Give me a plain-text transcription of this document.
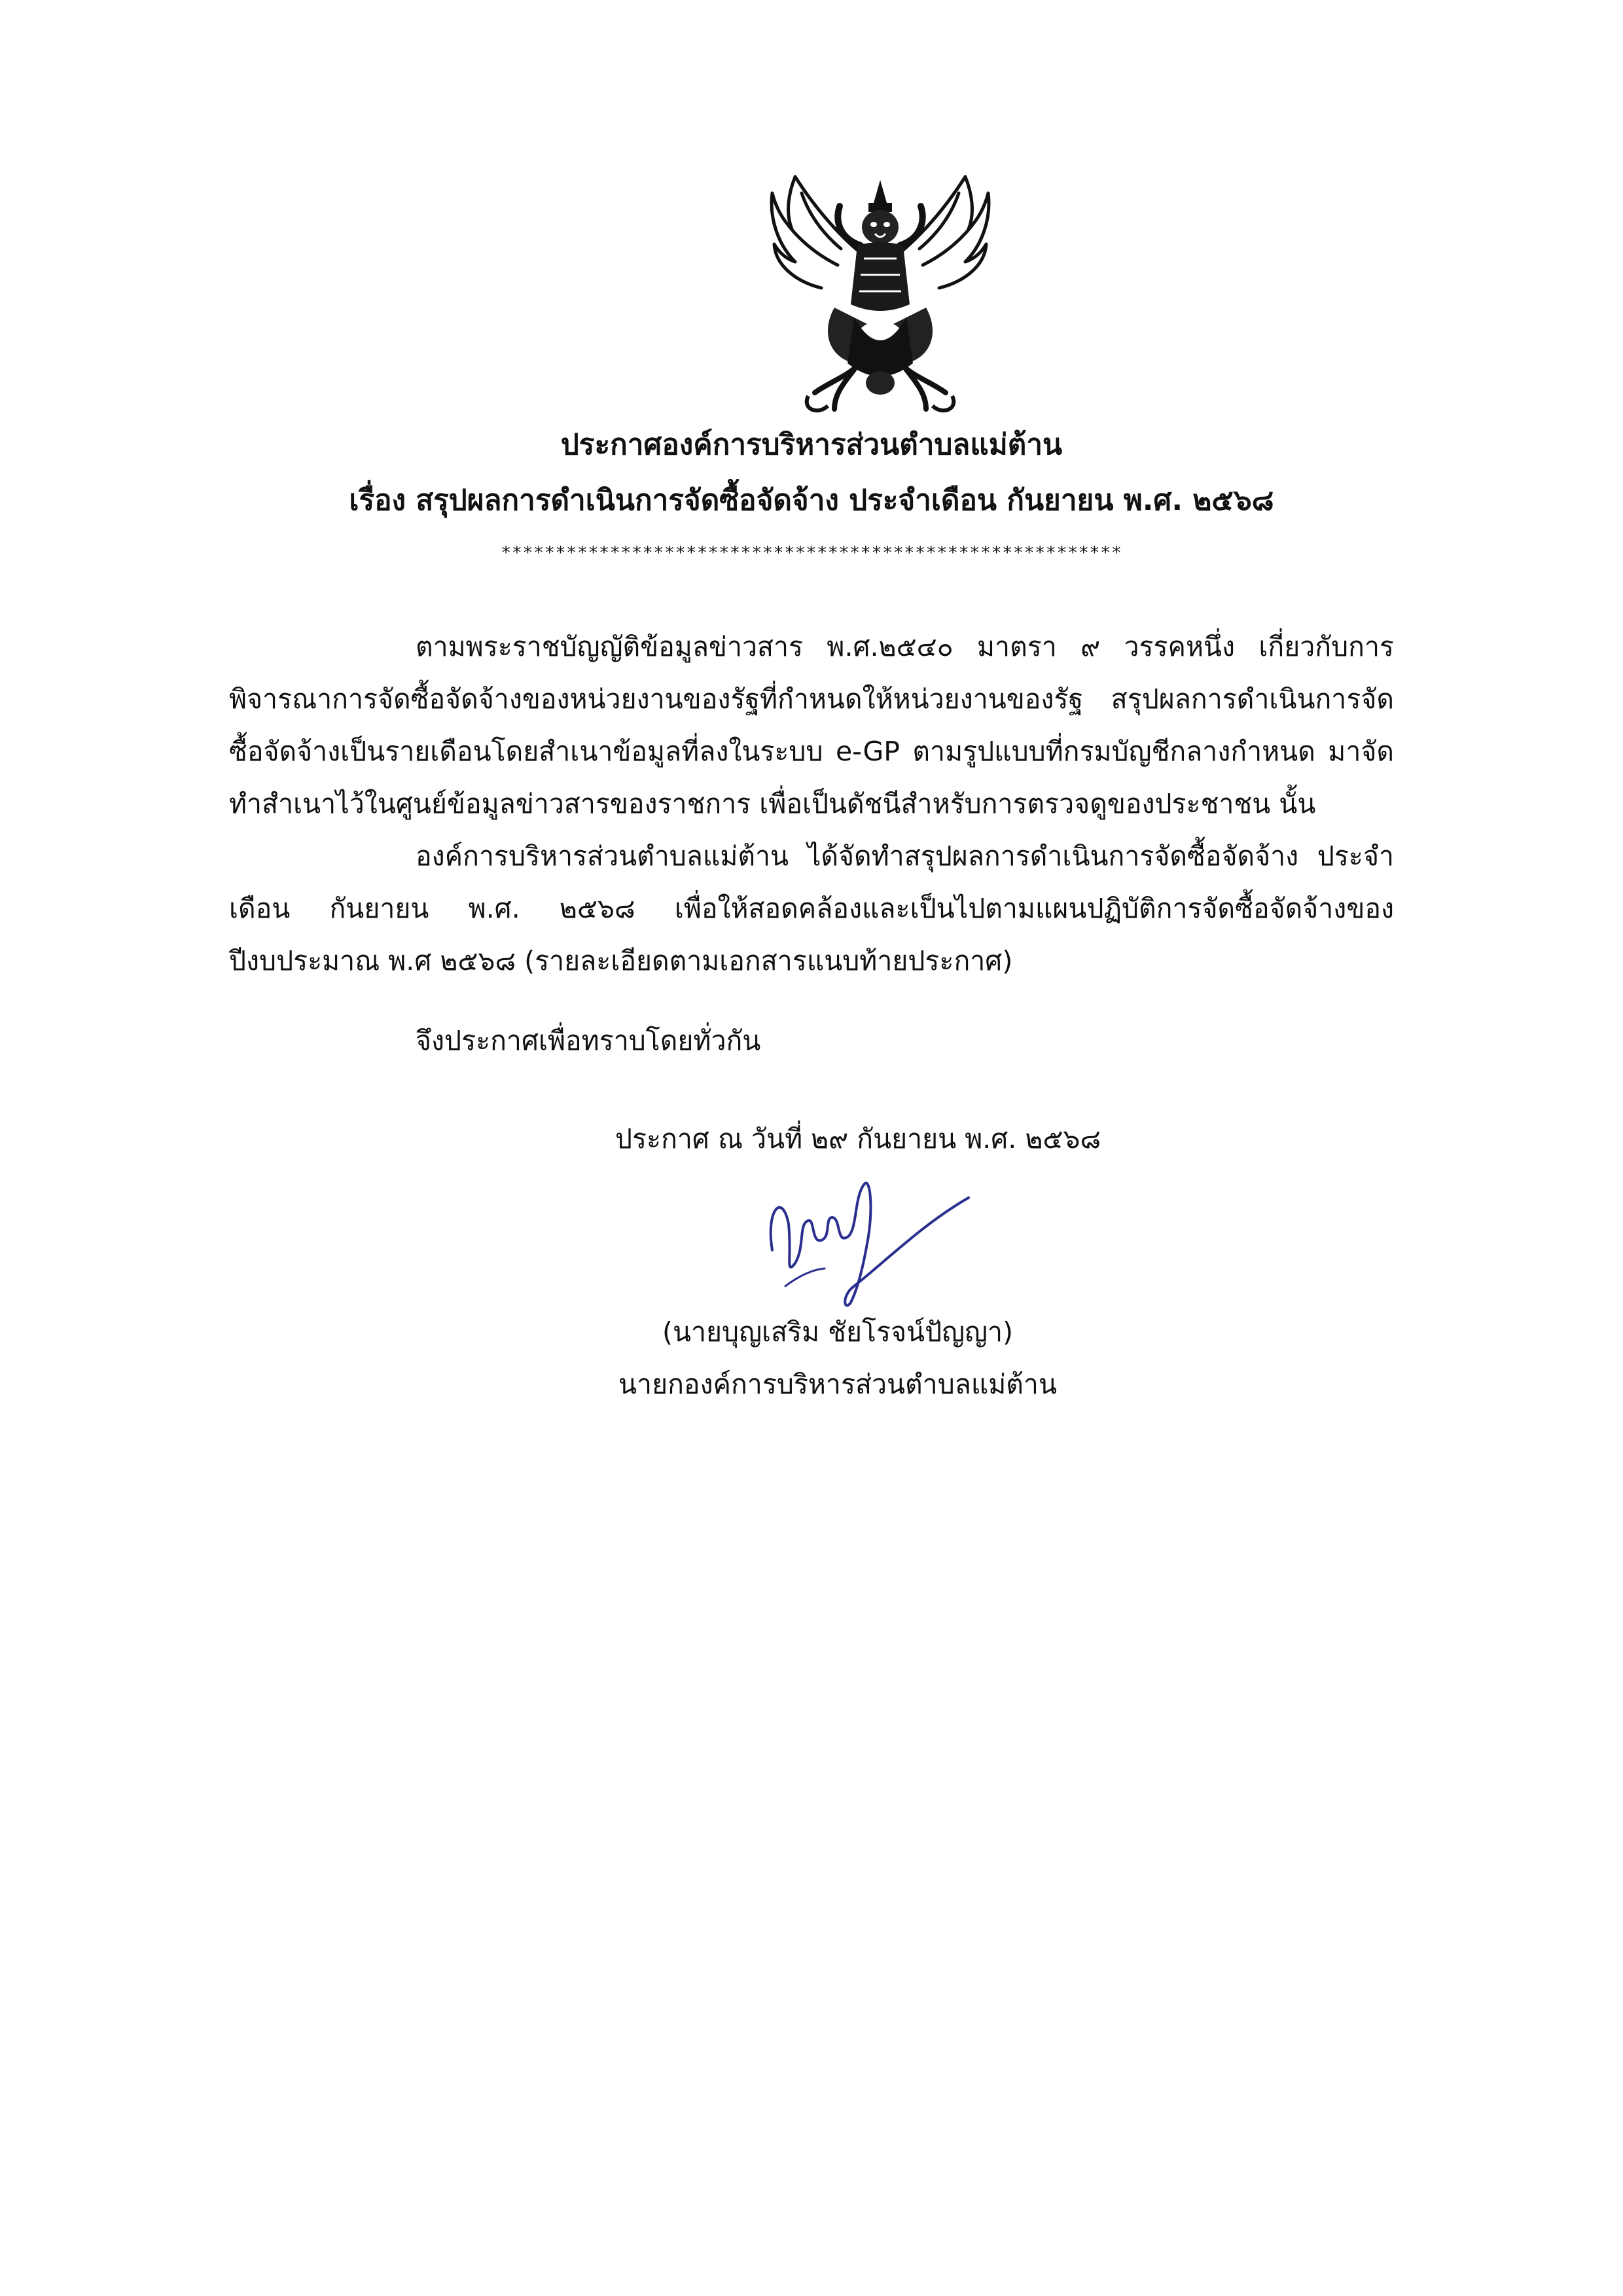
ประกาศองค์การบริหารส่วนตำบลแม่ต้าน
เรื่อง สรุปผลการดำเนินการจัดซื้อจัดจ้าง ประจำเดือน กันยายน พ.ศ. ๒๕๖๘
*********************************************************
ตามพระราชบัญญัติข้อมูลข่าวสาร พ.ศ.๒๕๔๐ มาตรา ๙ วรรคหนึ่ง เกี่ยวกับการพิจารณาการจัดซื้อจัดจ้างของหน่วยงานของรัฐที่กำหนดให้หน่วยงานของรัฐ สรุปผลการดำเนินการจัดซื้อจัดจ้างเป็นรายเดือนโดยสำเนาข้อมูลที่ลงในระบบ e-GP ตามรูปแบบที่กรมบัญชีกลางกำหนด มาจัดทำสำเนาไว้ในศูนย์ข้อมูลข่าวสารของราชการ เพื่อเป็นดัชนีสำหรับการตรวจดูของประชาชน นั้น
องค์การบริหารส่วนตำบลแม่ต้าน ได้จัดทำสรุปผลการดำเนินการจัดซื้อจัดจ้าง ประจำเดือน กันยายน พ.ศ. ๒๕๖๘ เพื่อให้สอดคล้องและเป็นไปตามแผนปฏิบัติการจัดซื้อจัดจ้างของปีงบประมาณ พ.ศ ๒๕๖๘ (รายละเอียดตามเอกสารแนบท้ายประกาศ)
จึงประกาศเพื่อทราบโดยทั่วกัน
ประกาศ ณ วันที่ ๒๙ กันยายน พ.ศ. ๒๕๖๘
(นายบุญเสริม ชัยโรจน์ปัญญา)
นายกองค์การบริหารส่วนตำบลแม่ต้าน
